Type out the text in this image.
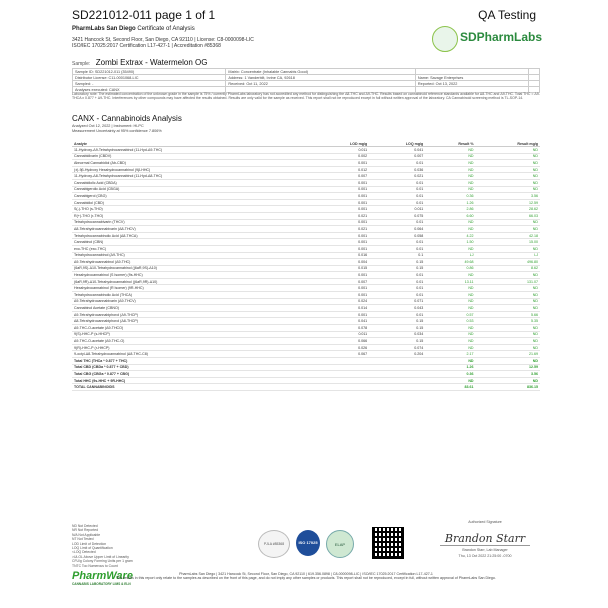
SD221012-011 page 1 of 1	QA Testing
PharmLabs San Diego Certificate of Analysis
3421 Hancock St, Second Floor, San Diego, CA 92110 | License: C8-0000098-LIC
ISO/IEC 17025:2017 Certification L17-427-1 | Accreditation #85368
SDPharmLabs
Sample: Zombi Extrax - Watermelon OG
Sample ID: SD221012-011 (35490)	Matrix: Concentrate (Inhalable Cannabis Good)		
Distributor License: C11-0001068-LIC	Address: 1 Vanderbilt, Irvine CA, 92618	Name: Savage Enterprises	
Sampled: -	Received: Oct 11, 2022	Reported: Oct 13, 2022	
Analyses executed: CANX			
Laboratory note: The estimated concentration of the unknown grade in the sample is 75% / currently PharmLabs laboratory has not accredited any method for distinguishing the Δ8-THC and Δ9-THC. Results based on cannabinoid reference standards available for Δ8-THC and Δ9-THC. Total THC = Δ9-THCA x 0.877 + Δ9-THC. Interferences by other compounds may have affected the results obtained. Results are only valid for the sample as received. This report shall not be reproduced except in full without written approval of the laboratory. CA Cannabinoid screening method is TL-SOP-14.
CANX - Cannabinoids Analysis
Analyzed Oct 12, 2022 | Instrument: HLPC
Measurement Uncertainty at 95% confidence 7.806%
Analyte	LOD mg/g	LOQ mg/g	Result %	Result mg/g
11-Hydroxy-Δ9-Tetrahydrocannabinol (11-Hyd-Δ9-THC)	0.011	0.041	ND	ND
Cannabidivarin (CBDV)	0.002	0.007	ND	ND
Abnormal Cannabidiol (Ab-CBD)	0.001	0.01	ND	ND
(±)-9β-Hydroxy Hexahydrocannabinol (9β-HHC)	0.012	0.036	ND	ND
11-Hydroxy-Δ8-Tetrahydrocannabinol (11-Hyd-Δ8-THC)	0.007	0.021	ND	ND
Cannabidiolic Acid (CBDA)	0.001	0.01	ND	ND
Cannabigerolic Acid (CBGA)	0.001	0.01	ND	ND
Cannabigerol (CBG)	0.001	0.01	0.36	3.56
Cannabidiol (CBD)	0.001	0.01	1.26	12.59
S(-)-THO (s-THO)	0.001	0.011	2.86	28.62
R(+)-THO (r-THO)	0.021	0.075	6.60	66.03
Tetrahydrocannabivarin (THCV)	0.001	0.01	ND	ND
Δ8-Tetrahydrocannabivarin (Δ8-THCV)	0.021	0.064	ND	ND
Tetrahydrocannabinolic Acid (Δ8-THCA)	0.001	0.058	4.22	42.18
Cannabinol (CBN)	0.001	0.01	1.50	15.00
exo-THC (exo-THC)	0.001	0.01	ND	ND
Tetrahydrocannabinol (Δ9-THC)	0.016	0.1	LJ	LJ
Δ9-Tetrahydrocannabinol (Δ9-THC)	0.004	0.15	49.68	496.80
(6aR,9S)-Δ10-Tetrahydrocannabinol ((6aR,9S)-Δ10)	0.015	0.15	0.86	8.62
Hexahydrocannabinol (S Isomer) (9s-HHC)	0.001	0.01	ND	ND
(6aR,9R)-Δ10-Tetrahydrocannabinol ((6aR,9R)-Δ10)	0.007	0.01	13.11	131.07
Hexahydrocannabinol (R Isomer) (9R-HHC)	0.001	0.01	ND	ND
Tetrahydrocannabinolic Acid (THCA)	0.001	0.01	ND	ND
Δ9-Tetrahydrocannabivarin (Δ9-THCV)	0.024	0.071	ND	ND
Cannabinol Acetate (CBNO)	0.014	0.043	ND	ND
Δ9-Tetrahydrocannabiphorol (Δ9-THCP)	0.001	0.01	0.57	5.66
Δ8-Tetrahydrocannabiphorol (Δ8-THCP)	0.041	0.15	0.53	5.35
Δ9-THC-O-acetate (Δ9-THCO)	0.078	0.15	ND	ND
9(S)-HHC-P (s-HHCP)	0.011	0.034	ND	ND
Δ9-THC-O-acetate (Δ9-THC-O)	0.066	0.15	ND	ND
9(R)-HHC-P (r-HHCP)	0.026	0.074	ND	ND
9-octyl-Δ8-Tetrahydrocannabinol (Δ8-THC-C8)	0.067	0.204	2.17	21.69
Total THC (THCa * 0.877 + THC)			ND	ND
Total CBD (CBDa * 0.877 + CBD)			1.26	12.59
Total CBG (CBGa * 0.877 + CBG)			0.36	3.56
Total HHC (9s-HHC + 9R-HHC)			ND	ND
TOTAL CANNABINOIDS			83.61	836.15
ND Not Detected
NR Not Reported
N/A Not Applicable
NT Not Tested
LOD Limit of Detection
LOQ Limit of Quantification
<LOQ Detected
>ULOL Above Upper Limit of Linearity
CFU/g Colony Forming Units per 1 gram
TNTC Too Numerous to Count
PJLA #85368	ISO 17025	ELAP
Authorized Signature
Brandon Starr
Brandon Starr, Lab Manager
Thu, 13 Oct 2022 21:25:00 -0700
PharmWare
CANNABIS LABORATORY LIMS & ELN
PharmLabs San Diego | 3421 Hancock St, Second Floor, San Diego, CA 92110 | 619.356.0898 | C8-0000098-LIC | ISO/IEC 17025:2017 Certification L17-427-1
The results in this report only relate to the samples as described on the front of this page, and do not imply any other samples or products. This report shall not be reproduced, except in full, without written approval of PharmLabs San Diego.
